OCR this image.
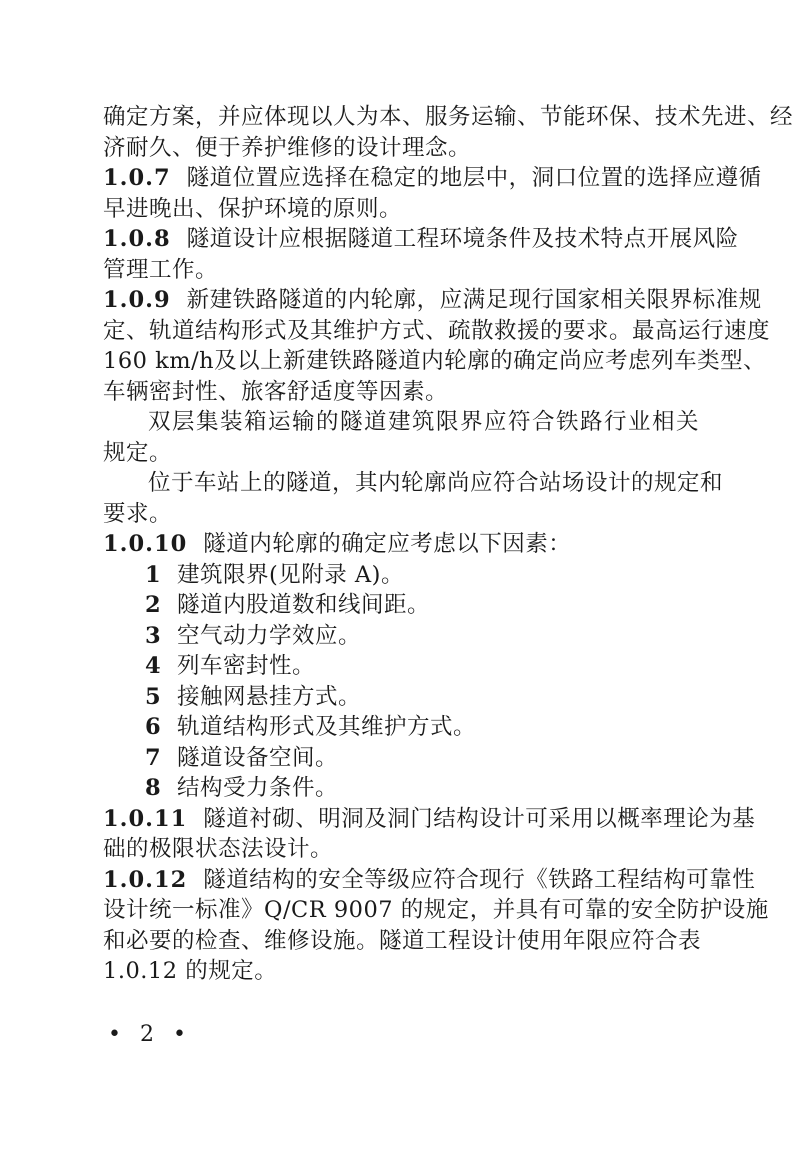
确定方案，并应体现以人为本、服务运输、节能环保、技术先进、经
济耐久、便于养护维修的设计理念。
1.0.7 隧道位置应选择在稳定的地层中，洞口位置的选择应遵循
早进晚出、保护环境的原则。
1.0.8 隧道设计应根据隧道工程环境条件及技术特点开展风险
管理工作。
1.0.9 新建铁路隧道的内轮廓，应满足现行国家相关限界标准规
定、轨道结构形式及其维护方式、疏散救援的要求。最高运行速度
160 km/h及以上新建铁路隧道内轮廓的确定尚应考虑列车类型、
车辆密封性、旅客舒适度等因素。
双层集装箱运输的隧道建筑限界应符合铁路行业相关
规定。
位于车站上的隧道，其内轮廓尚应符合站场设计的规定和
要求。
1.0.10 隧道内轮廓的确定应考虑以下因素：
1 建筑限界(见附录 A)。
2 隧道内股道数和线间距。
3 空气动力学效应。
4 列车密封性。
5 接触网悬挂方式。
6 轨道结构形式及其维护方式。
7 隧道设备空间。
8 结构受力条件。
1.0.11 隧道衬砌、明洞及洞门结构设计可采用以概率理论为基
础的极限状态法设计。
1.0.12 隧道结构的安全等级应符合现行《铁路工程结构可靠性
设计统一标准》Q/CR 9007 的规定，并具有可靠的安全防护设施
和必要的检查、维修设施。隧道工程设计使用年限应符合表
1.0.12 的规定。
• 2 •
